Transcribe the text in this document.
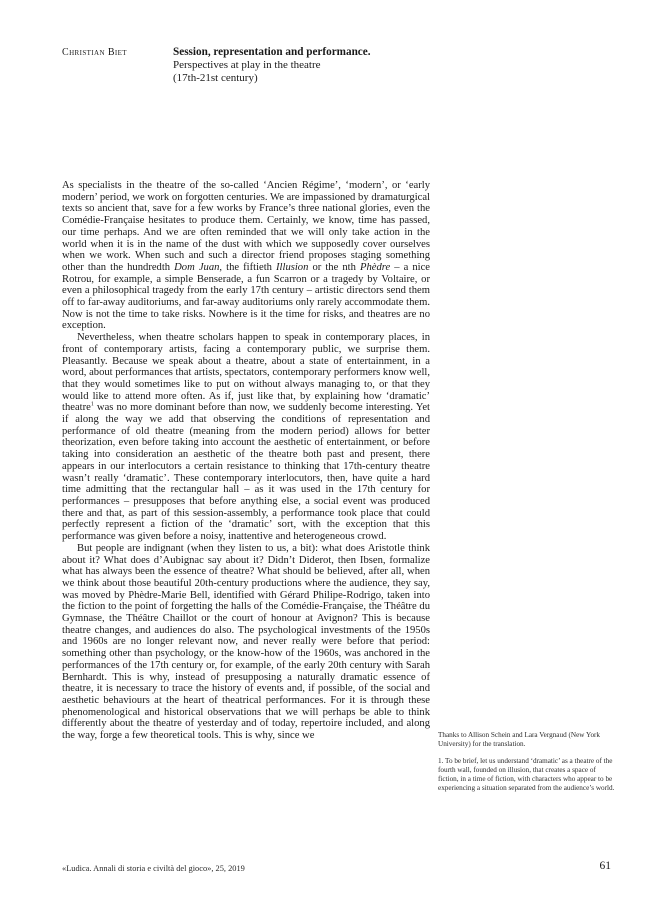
Christian Biet	Session, representation and performance.

Perspectives at play in the theatre

(17th-21st century)

As specialists in the theatre of the so-called ‘Ancien Régime’, ‘modern’, or ‘early modern’ period, we work on forgotten centuries. We are impassioned by dramaturgical texts so ancient that, save for a few works by France’s three national glories, even the Comédie-Française hesitates to produce them. Certainly, we know, time has passed, our time perhaps. And we are often reminded that we will only take action in the world when it is in the name of the dust with which we supposedly cover ourselves when we work. When such and such a director friend proposes staging something other than the hundredth Dom Juan, the fiftieth Illusion or the nth Phèdre – a nice Rotrou, for example, a simple Benserade, a fun Scarron or a tragedy by Voltaire, or even a philosophical tragedy from the early 17th century – artistic directors send them off to far-away auditoriums, and far-away auditoriums only rarely accommodate them. Now is not the time to take risks. Nowhere is it the time for risks, and theatres are no exception.

Nevertheless, when theatre scholars happen to speak in contemporary places, in front of contemporary artists, facing a contemporary public, we surprise them. Pleasantly. Because we speak about a theatre, about a state of entertainment, in a word, about performances that artists, spectators, contemporary performers know well, that they would sometimes like to put on without always managing to, or that they would like to attend more often. As if, just like that, by explaining how ‘dramatic’ theatre$^1$ was no more dominant before than now, we suddenly become interesting. Yet if along the way we add that observing the conditions of representation and performance of old theatre (meaning from the modern period) allows for better theorization, even before taking into account the aesthetic of entertainment, or before taking into consideration an aesthetic of the theatre both past and present, there appears in our interlocutors a certain resistance to thinking that 17th-century theatre wasn’t really ‘dramatic’. These contemporary interlocutors, then, have quite a hard time admitting that the rectangular hall – as it was used in the 17th century for performances – presupposes that before anything else, a social event was produced there and that, as part of this session-assembly, a performance took place that could perfectly represent a fiction of the ‘dramatic’ sort, with the exception that this performance was given before a noisy, inattentive and heterogeneous crowd.

But people are indignant (when they listen to us, a bit): what does Aristotle think about it? What does d’Aubignac say about it? Didn’t Diderot, then Ibsen, formalize what has always been the essence of theatre? What should be believed, after all, when we think about those beautiful 20th-century productions where the audience, they say, was moved by Phèdre-Marie Bell, identified with Gérard Philipe-Rodrigo, taken into the fiction to the point of forgetting the halls of the Comédie-Française, the Théâtre du Gymnase, the Théâtre Chaillot or the court of honour at Avignon? This is because theatre changes, and audiences do also. The psychological investments of the 1950s and 1960s are no longer relevant now, and never really were before that period: something other than psychology, or the know-how of the 1960s, was anchored in the performances of the 17th century or, for example, of the early 20th century with Sarah Bernhardt. This is why, instead of presupposing a naturally dramatic essence of theatre, it is necessary to trace the history of events and, if possible, of the social and aesthetic behaviours at the heart of theatrical performances. For it is through these phenomenological and historical observations that we will perhaps be able to think differently about the theatre of yesterday and of today, repertoire included, and along the way, forge a few theoretical tools. This is why, since we	Thanks to Allison Schein and Lara Vergnaud (New York University) for the translation.

1. To be brief, let us understand ‘dramatic’ as a theatre of the fourth wall, founded on illusion, that creates a space of fiction, in a time of fiction, with characters who appear to be experiencing a situation separated from the audience’s world.

«Ludica. Annali di storia e civiltà del gioco», 25, 2019	61
